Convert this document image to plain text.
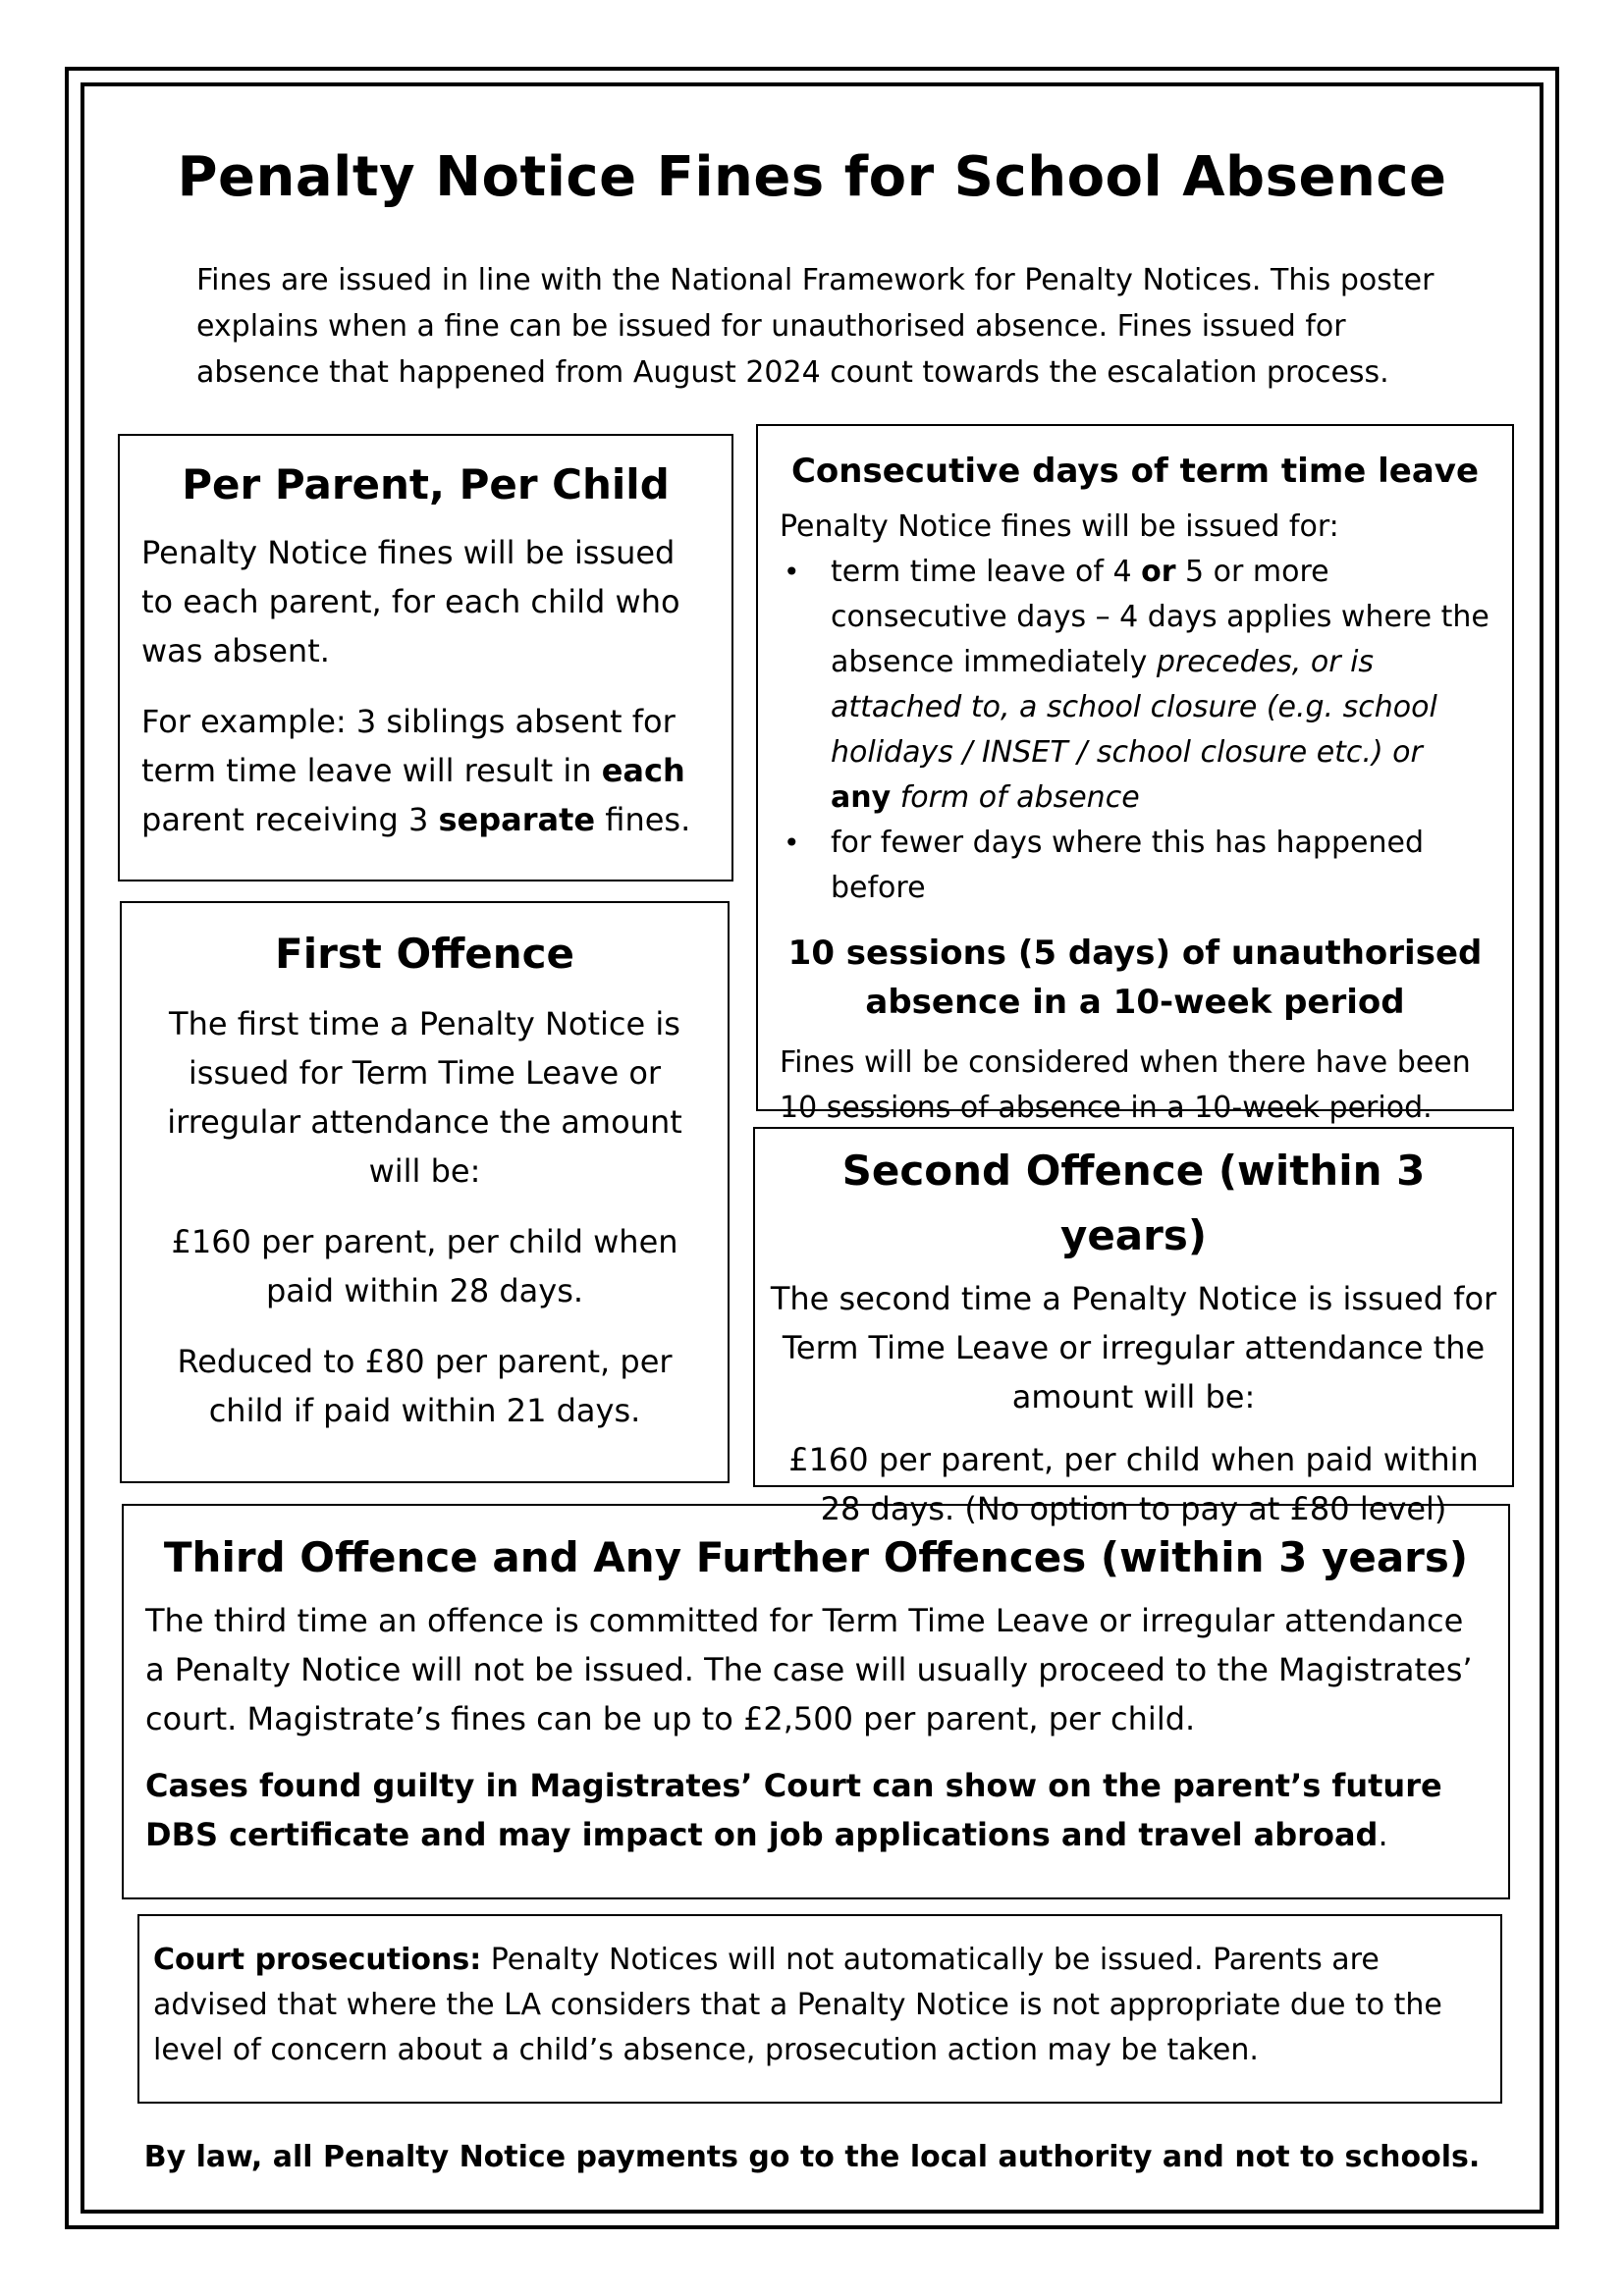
Penalty Notice Fines for School Absence

Fines are issued in line with the National Framework for Penalty Notices. This poster explains when a fine can be issued for unauthorised absence. Fines issued for absence that happened from August 2024 count towards the escalation process.

Per Parent, Per Child

Penalty Notice fines will be issued to each parent, for each child who was absent.

For example: 3 siblings absent for term time leave will result in each parent receiving 3 separate fines.

Consecutive days of term time leave

Penalty Notice fines will be issued for:

• term time leave of 4 or 5 or more consecutive days – 4 days applies where the absence immediately precedes, or is attached to, a school closure (e.g. school holidays / INSET / school closure etc.) or any form of absence
• for fewer days where this has happened before

10 sessions (5 days) of unauthorised absence in a 10-week period

Fines will be considered when there have been 10 sessions of absence in a 10-week period.

First Offence

The first time a Penalty Notice is issued for Term Time Leave or irregular attendance the amount will be:

£160 per parent, per child when paid within 28 days.

Reduced to £80 per parent, per child if paid within 21 days.

Second Offence (within 3 years)

The second time a Penalty Notice is issued for Term Time Leave or irregular attendance the amount will be:

£160 per parent, per child when paid within 28 days. (No option to pay at £80 level)

Third Offence and Any Further Offences (within 3 years)

The third time an offence is committed for Term Time Leave or irregular attendance a Penalty Notice will not be issued. The case will usually proceed to the Magistrates’ court. Magistrate’s fines can be up to £2,500 per parent, per child.

Cases found guilty in Magistrates’ Court can show on the parent’s future DBS certificate and may impact on job applications and travel abroad.

Court prosecutions: Penalty Notices will not automatically be issued. Parents are advised that where the LA considers that a Penalty Notice is not appropriate due to the level of concern about a child’s absence, prosecution action may be taken.

By law, all Penalty Notice payments go to the local authority and not to schools.
